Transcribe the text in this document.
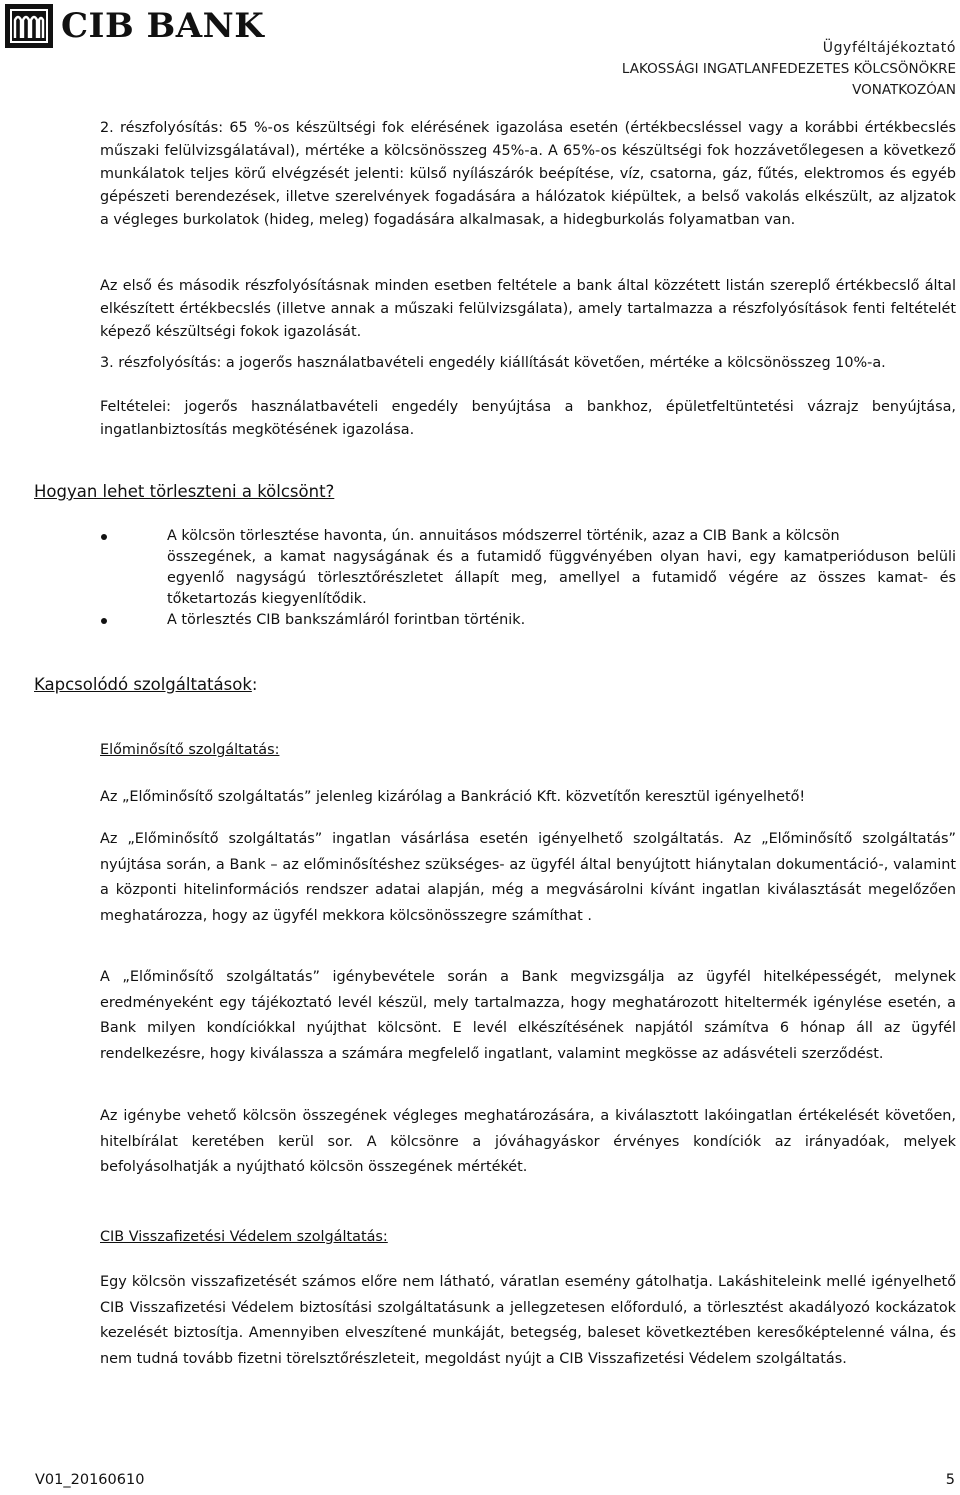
CIB BANK
Ügyféltájékoztató
LAKOSSÁGI INGATLANFEDEZETES KÖLCSÖNÖKRE
VONATKOZÓAN

2. részfolyósítás: 65 %-os készültségi fok elérésének igazolása esetén (értékbecsléssel vagy a korábbi értékbecslés műszaki felülvizsgálatával), mértéke a kölcsönösszeg 45%-a. A 65%-os készültségi fok hozzávetőlegesen a következő munkálatok teljes körű elvégzését jelenti: külső nyílászárók beépítése, víz, csatorna, gáz, fűtés, elektromos és egyéb gépészeti berendezések, illetve szerelvények fogadására a hálózatok kiépültek, a belső vakolás elkészült, az aljzatok a végleges burkolatok (hideg, meleg) fogadására alkalmasak, a hidegburkolás folyamatban van.

Az első és második részfolyósításnak minden esetben feltétele a bank által közzétett listán szereplő értékbecslő által elkészített értékbecslés (illetve annak a műszaki felülvizsgálata), amely tartalmazza a részfolyósítások fenti feltételét képező készültségi fokok igazolását.

3. részfolyósítás: a jogerős használatbavételi engedély kiállítását követően, mértéke a kölcsönösszeg 10%-a.

Feltételei: jogerős használatbavételi engedély benyújtása a bankhoz, épületfeltüntetési vázrajz benyújtása, ingatlanbiztosítás megkötésének igazolása.

Hogyan lehet törleszteni a kölcsönt?
A kölcsön törlesztése havonta, ún. annuitásos módszerrel történik, azaz a CIB Bank a kölcsön
összegének, a kamat nagyságának és a futamidő függvényében olyan havi, egy kamatperióduson belüli egyenlő nagyságú törlesztőrészletet állapít meg, amellyel a futamidő végére az összes kamat- és tőketartozás kiegyenlítődik.
A törlesztés CIB bankszámláról forintban történik.
Kapcsolódó szolgáltatások:
Előminősítő szolgáltatás:

Az „Előminősítő szolgáltatás” jelenleg kizárólag a Bankráció Kft. közvetítőn keresztül igényelhető!

Az „Előminősítő szolgáltatás” ingatlan vásárlása esetén igényelhető szolgáltatás. Az „Előminősítő szolgáltatás” nyújtása során, a Bank – az előminősítéshez szükséges- az ügyfél által benyújtott hiánytalan dokumentáció-, valamint a központi hitelinformációs rendszer adatai alapján, még a megvásárolni kívánt ingatlan kiválasztását megelőzően meghatározza, hogy az ügyfél mekkora kölcsönösszegre számíthat .

A „Előminősítő szolgáltatás” igénybevétele során a Bank megvizsgálja az ügyfél hitelképességét, melynek eredményeként egy tájékoztató levél készül, mely tartalmazza, hogy meghatározott hiteltermék igénylése esetén, a Bank milyen kondíciókkal nyújthat kölcsönt. E levél elkészítésének napjától számítva 6 hónap áll az ügyfél rendelkezésre, hogy kiválassza a számára megfelelő ingatlant, valamint megkösse az adásvételi szerződést.

Az igénybe vehető kölcsön összegének végleges meghatározására, a kiválasztott lakóingatlan értékelését követően, hitelbírálat keretében kerül sor. A kölcsönre a jóváhagyáskor érvényes kondíciók az irányadóak, melyek befolyásolhatják a nyújtható kölcsön összegének mértékét.

CIB Visszafizetési Védelem szolgáltatás:

Egy kölcsön visszafizetését számos előre nem látható, váratlan esemény gátolhatja. Lakáshiteleink mellé igényelhető CIB Visszafizetési Védelem biztosítási szolgáltatásunk a jellegzetesen előforduló, a törlesztést akadályozó kockázatok kezelését biztosítja. Amennyiben elveszítené munkáját, betegség, baleset következtében keresőképtelenné válna, és nem tudná tovább fizetni törelsztőrészleteit, megoldást nyújt a CIB Visszafizetési Védelem szolgáltatás.

V01_20160610	5
